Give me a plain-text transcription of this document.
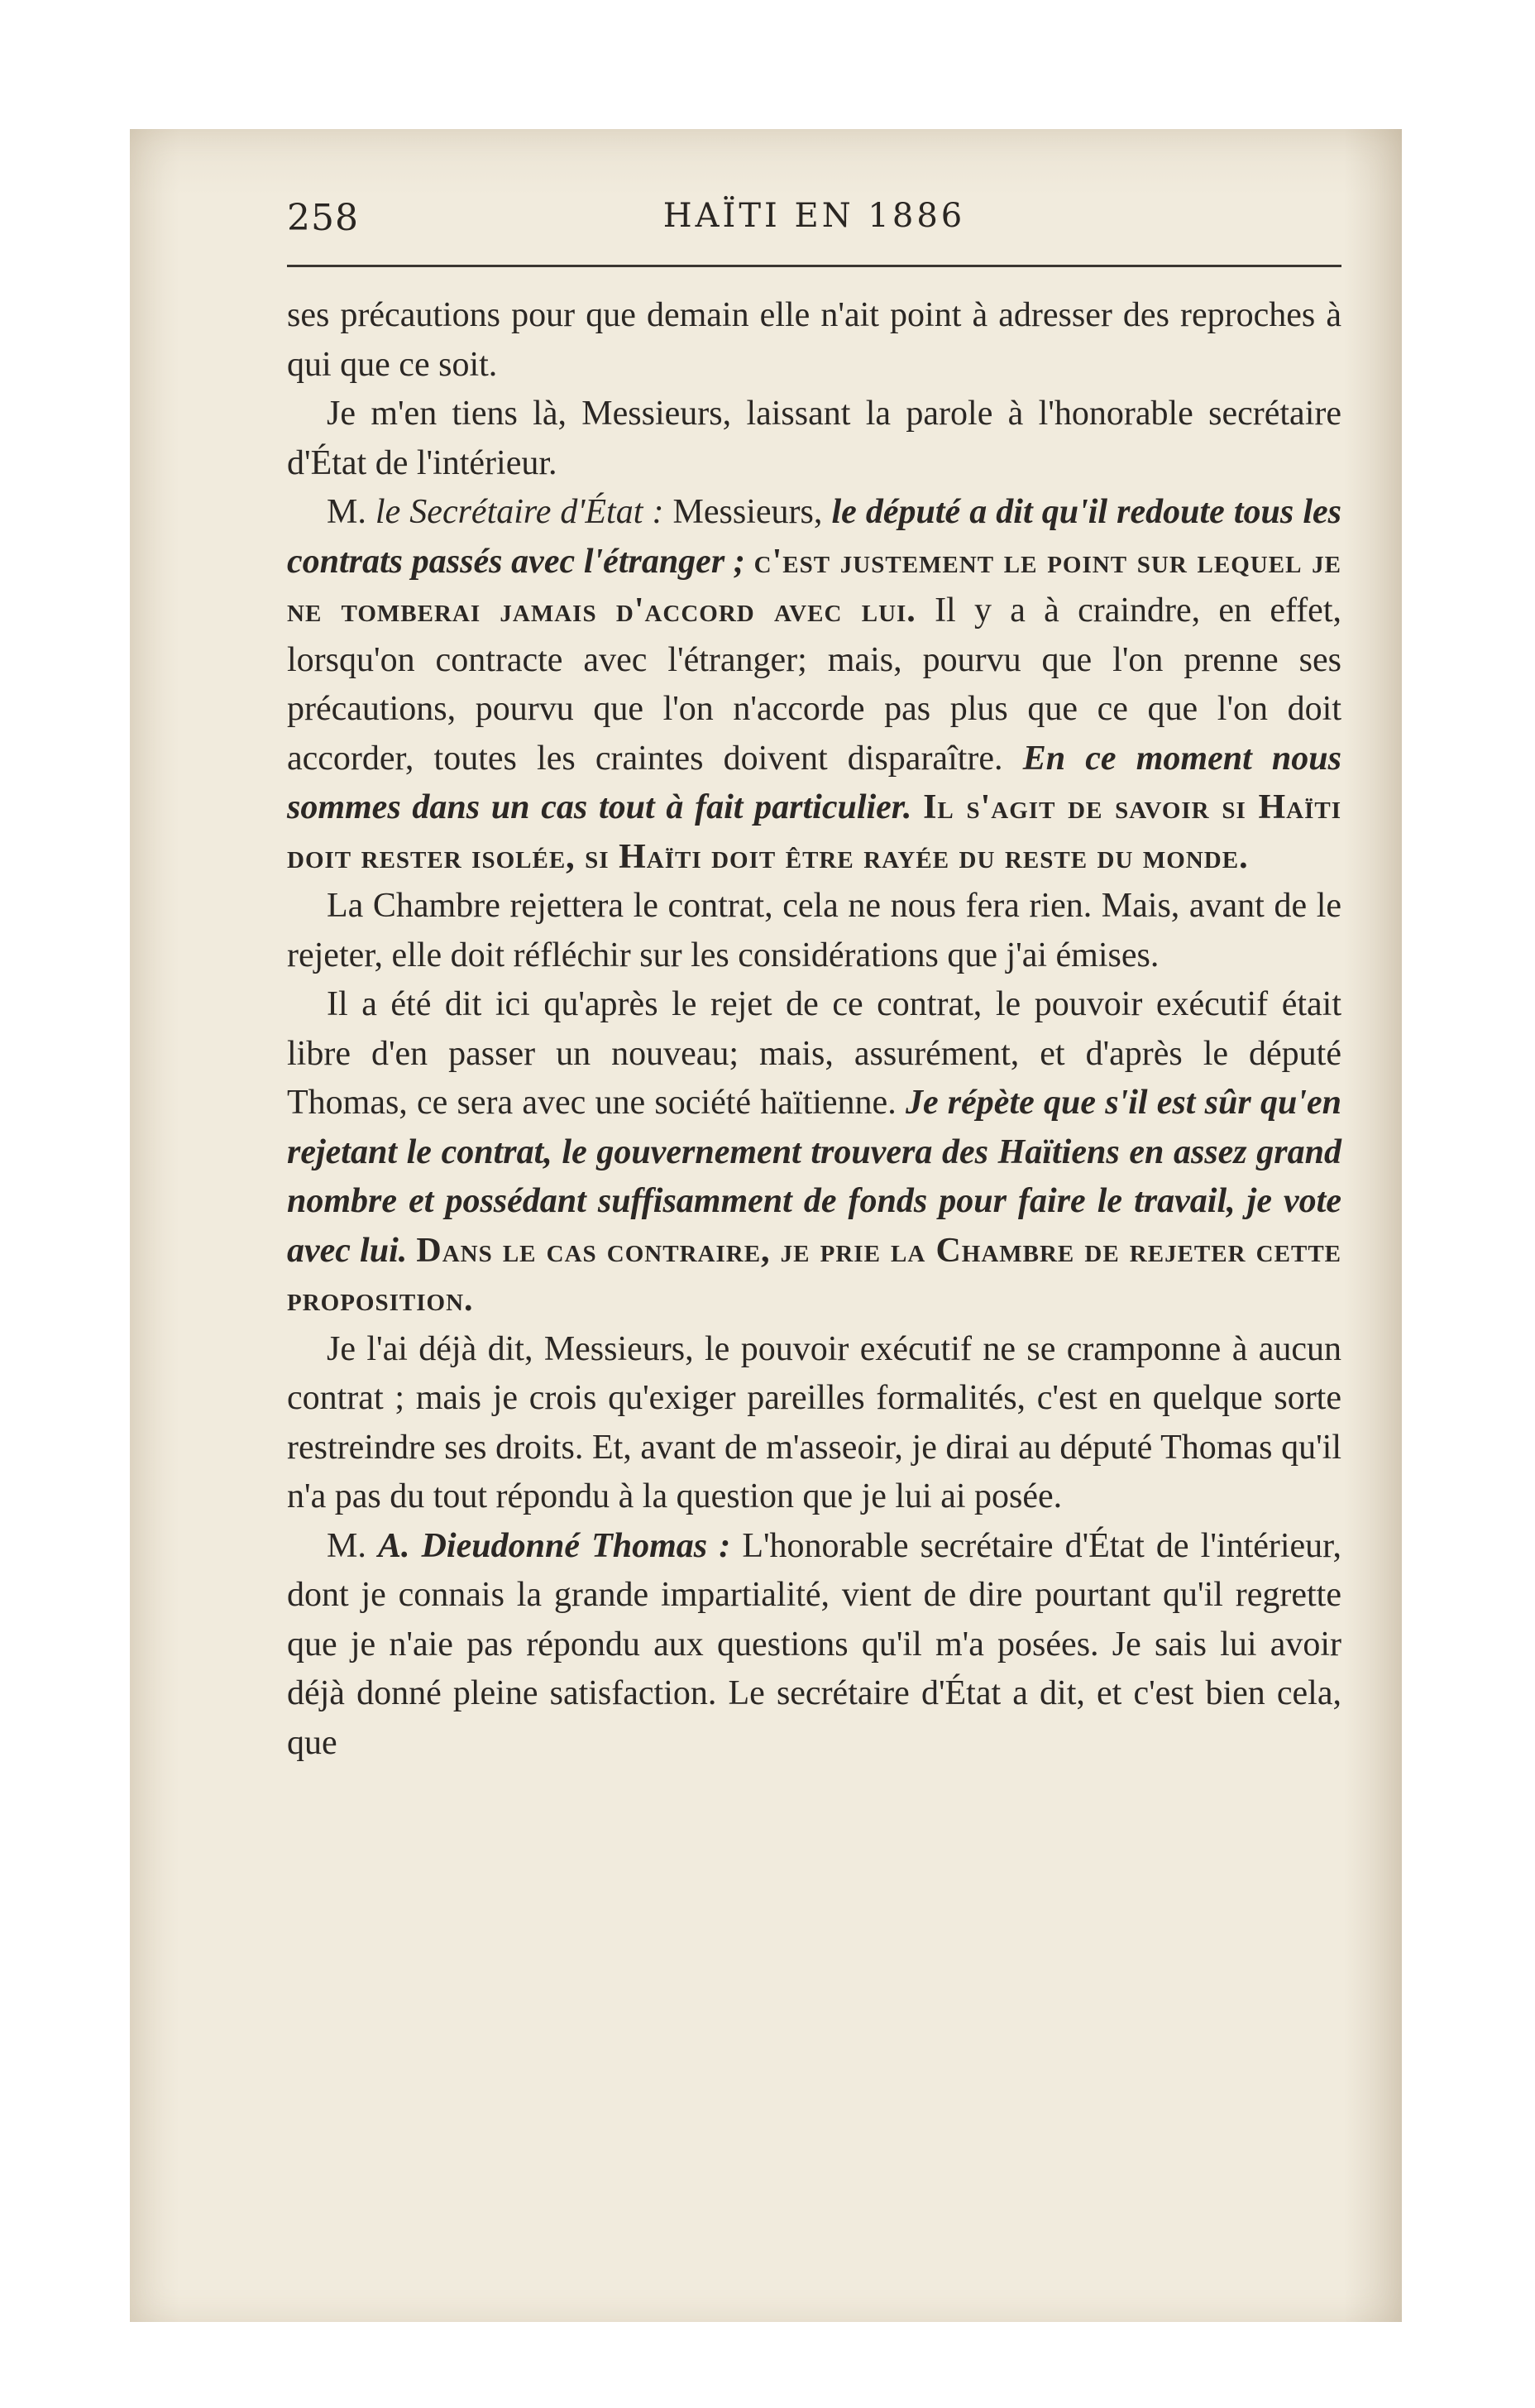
258	HAÏTI EN 1886

ses précautions pour que demain elle n'ait point à adresser des reproches à qui que ce soit.

Je m'en tiens là, Messieurs, laissant la parole à l'honorable secrétaire d'État de l'intérieur.

M. le Secrétaire d'État : Messieurs, le député a dit qu'il redoute tous les contrats passés avec l'étranger ; c'est justement le point sur lequel je ne tomberai jamais d'accord avec lui. Il y a à craindre, en effet, lorsqu'on contracte avec l'étranger; mais, pourvu que l'on prenne ses précautions, pourvu que l'on n'accorde pas plus que ce que l'on doit accorder, toutes les craintes doivent disparaître. En ce moment nous sommes dans un cas tout à fait particulier. Il s'agit de savoir si Haïti doit rester isolée, si Haïti doit être rayée du reste du monde.

La Chambre rejettera le contrat, cela ne nous fera rien. Mais, avant de le rejeter, elle doit réfléchir sur les considérations que j'ai émises.

Il a été dit ici qu'après le rejet de ce contrat, le pouvoir exécutif était libre d'en passer un nouveau; mais, assurément, et d'après le député Thomas, ce sera avec une société haïtienne. Je répète que s'il est sûr qu'en rejetant le contrat, le gouvernement trouvera des Haïtiens en assez grand nombre et possédant suffisamment de fonds pour faire le travail, je vote avec lui. Dans le cas contraire, je prie la Chambre de rejeter cette proposition.

Je l'ai déjà dit, Messieurs, le pouvoir exécutif ne se cramponne à aucun contrat ; mais je crois qu'exiger pareilles formalités, c'est en quelque sorte restreindre ses droits. Et, avant de m'asseoir, je dirai au député Thomas qu'il n'a pas du tout répondu à la question que je lui ai posée.

M. A. Dieudonné Thomas : L'honorable secrétaire d'État de l'intérieur, dont je connais la grande impartialité, vient de dire pourtant qu'il regrette que je n'aie pas répondu aux questions qu'il m'a posées. Je sais lui avoir déjà donné pleine satisfaction. Le secrétaire d'État a dit, et c'est bien cela, que
